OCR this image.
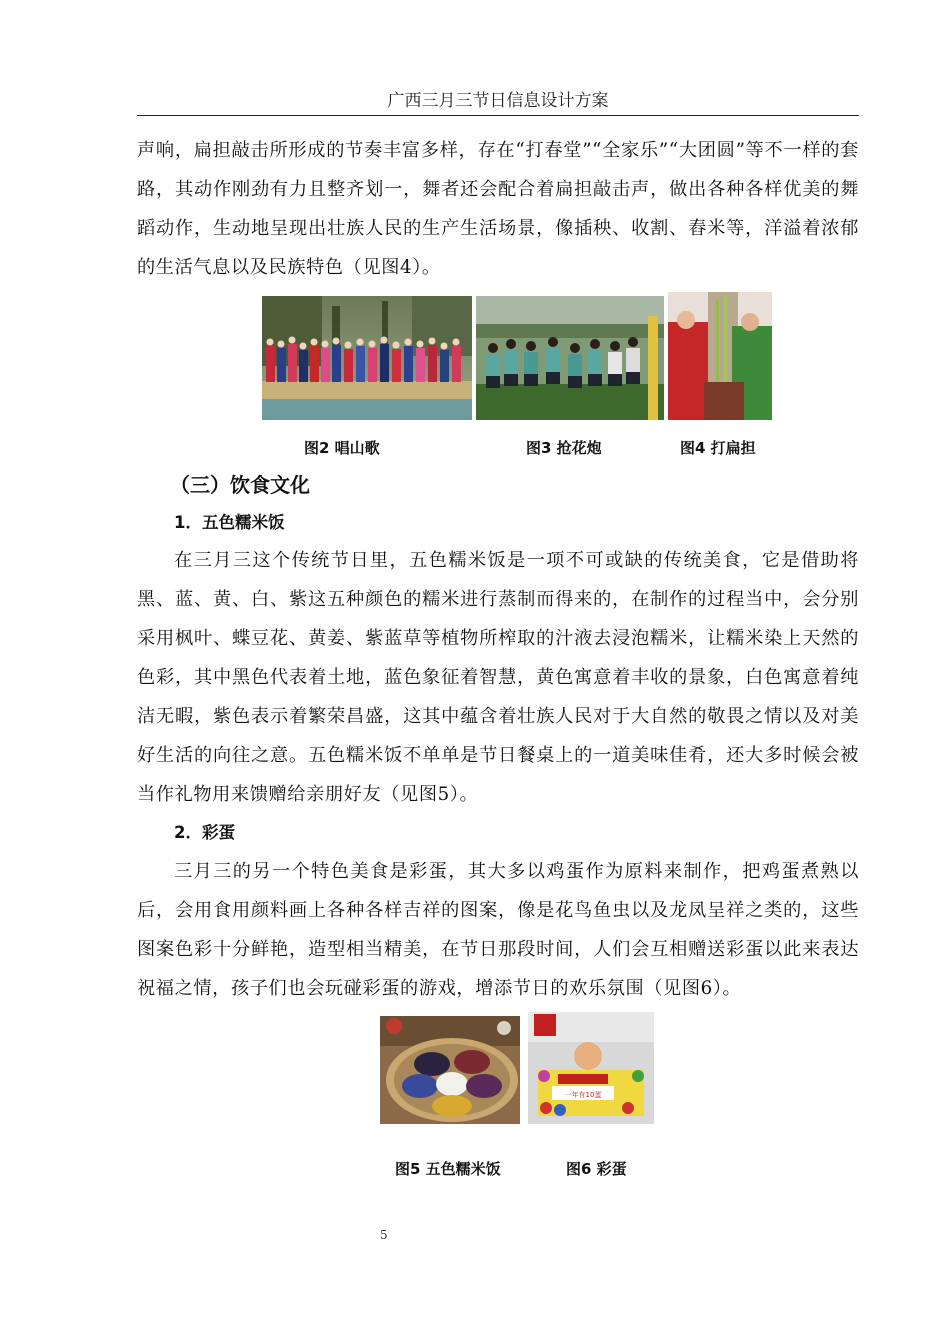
广西三月三节日信息设计方案
声响，扁担敲击所形成的节奏丰富多样，存在“打春堂”“全家乐”“大团圆”等不一样的套路，其动作刚劲有力且整齐划一，舞者还会配合着扁担敲击声，做出各种各样优美的舞蹈动作，生动地呈现出壮族人民的生产生活场景，像插秧、收割、舂米等，洋溢着浓郁的生活气息以及民族特色（见图4）。
图2 唱山歌	图3 抢花炮	图4 打扁担
（三）饮食文化
1．五色糯米饭
在三月三这个传统节日里，五色糯米饭是一项不可或缺的传统美食，它是借助将黑、蓝、黄、白、紫这五种颜色的糯米进行蒸制而得来的，在制作的过程当中，会分别采用枫叶、蝶豆花、黄姜、紫蓝草等植物所榨取的汁液去浸泡糯米，让糯米染上天然的色彩，其中黑色代表着土地，蓝色象征着智慧，黄色寓意着丰收的景象，白色寓意着纯洁无暇，紫色表示着繁荣昌盛，这其中蕴含着壮族人民对于大自然的敬畏之情以及对美好生活的向往之意。五色糯米饭不单单是节日餐桌上的一道美味佳肴，还大多时候会被当作礼物用来馈赠给亲朋好友（见图5）。
2．彩蛋
三月三的另一个特色美食是彩蛋，其大多以鸡蛋作为原料来制作，把鸡蛋煮熟以后，会用食用颜料画上各种各样吉祥的图案，像是花鸟鱼虫以及龙凤呈祥之类的，这些图案色彩十分鲜艳，造型相当精美，在节日那段时间，人们会互相赠送彩蛋以此来表达祝福之情，孩子们也会玩碰彩蛋的游戏，增添节日的欢乐氛围（见图6）。
一年有10蛋
图5 五色糯米饭	图6 彩蛋
5
